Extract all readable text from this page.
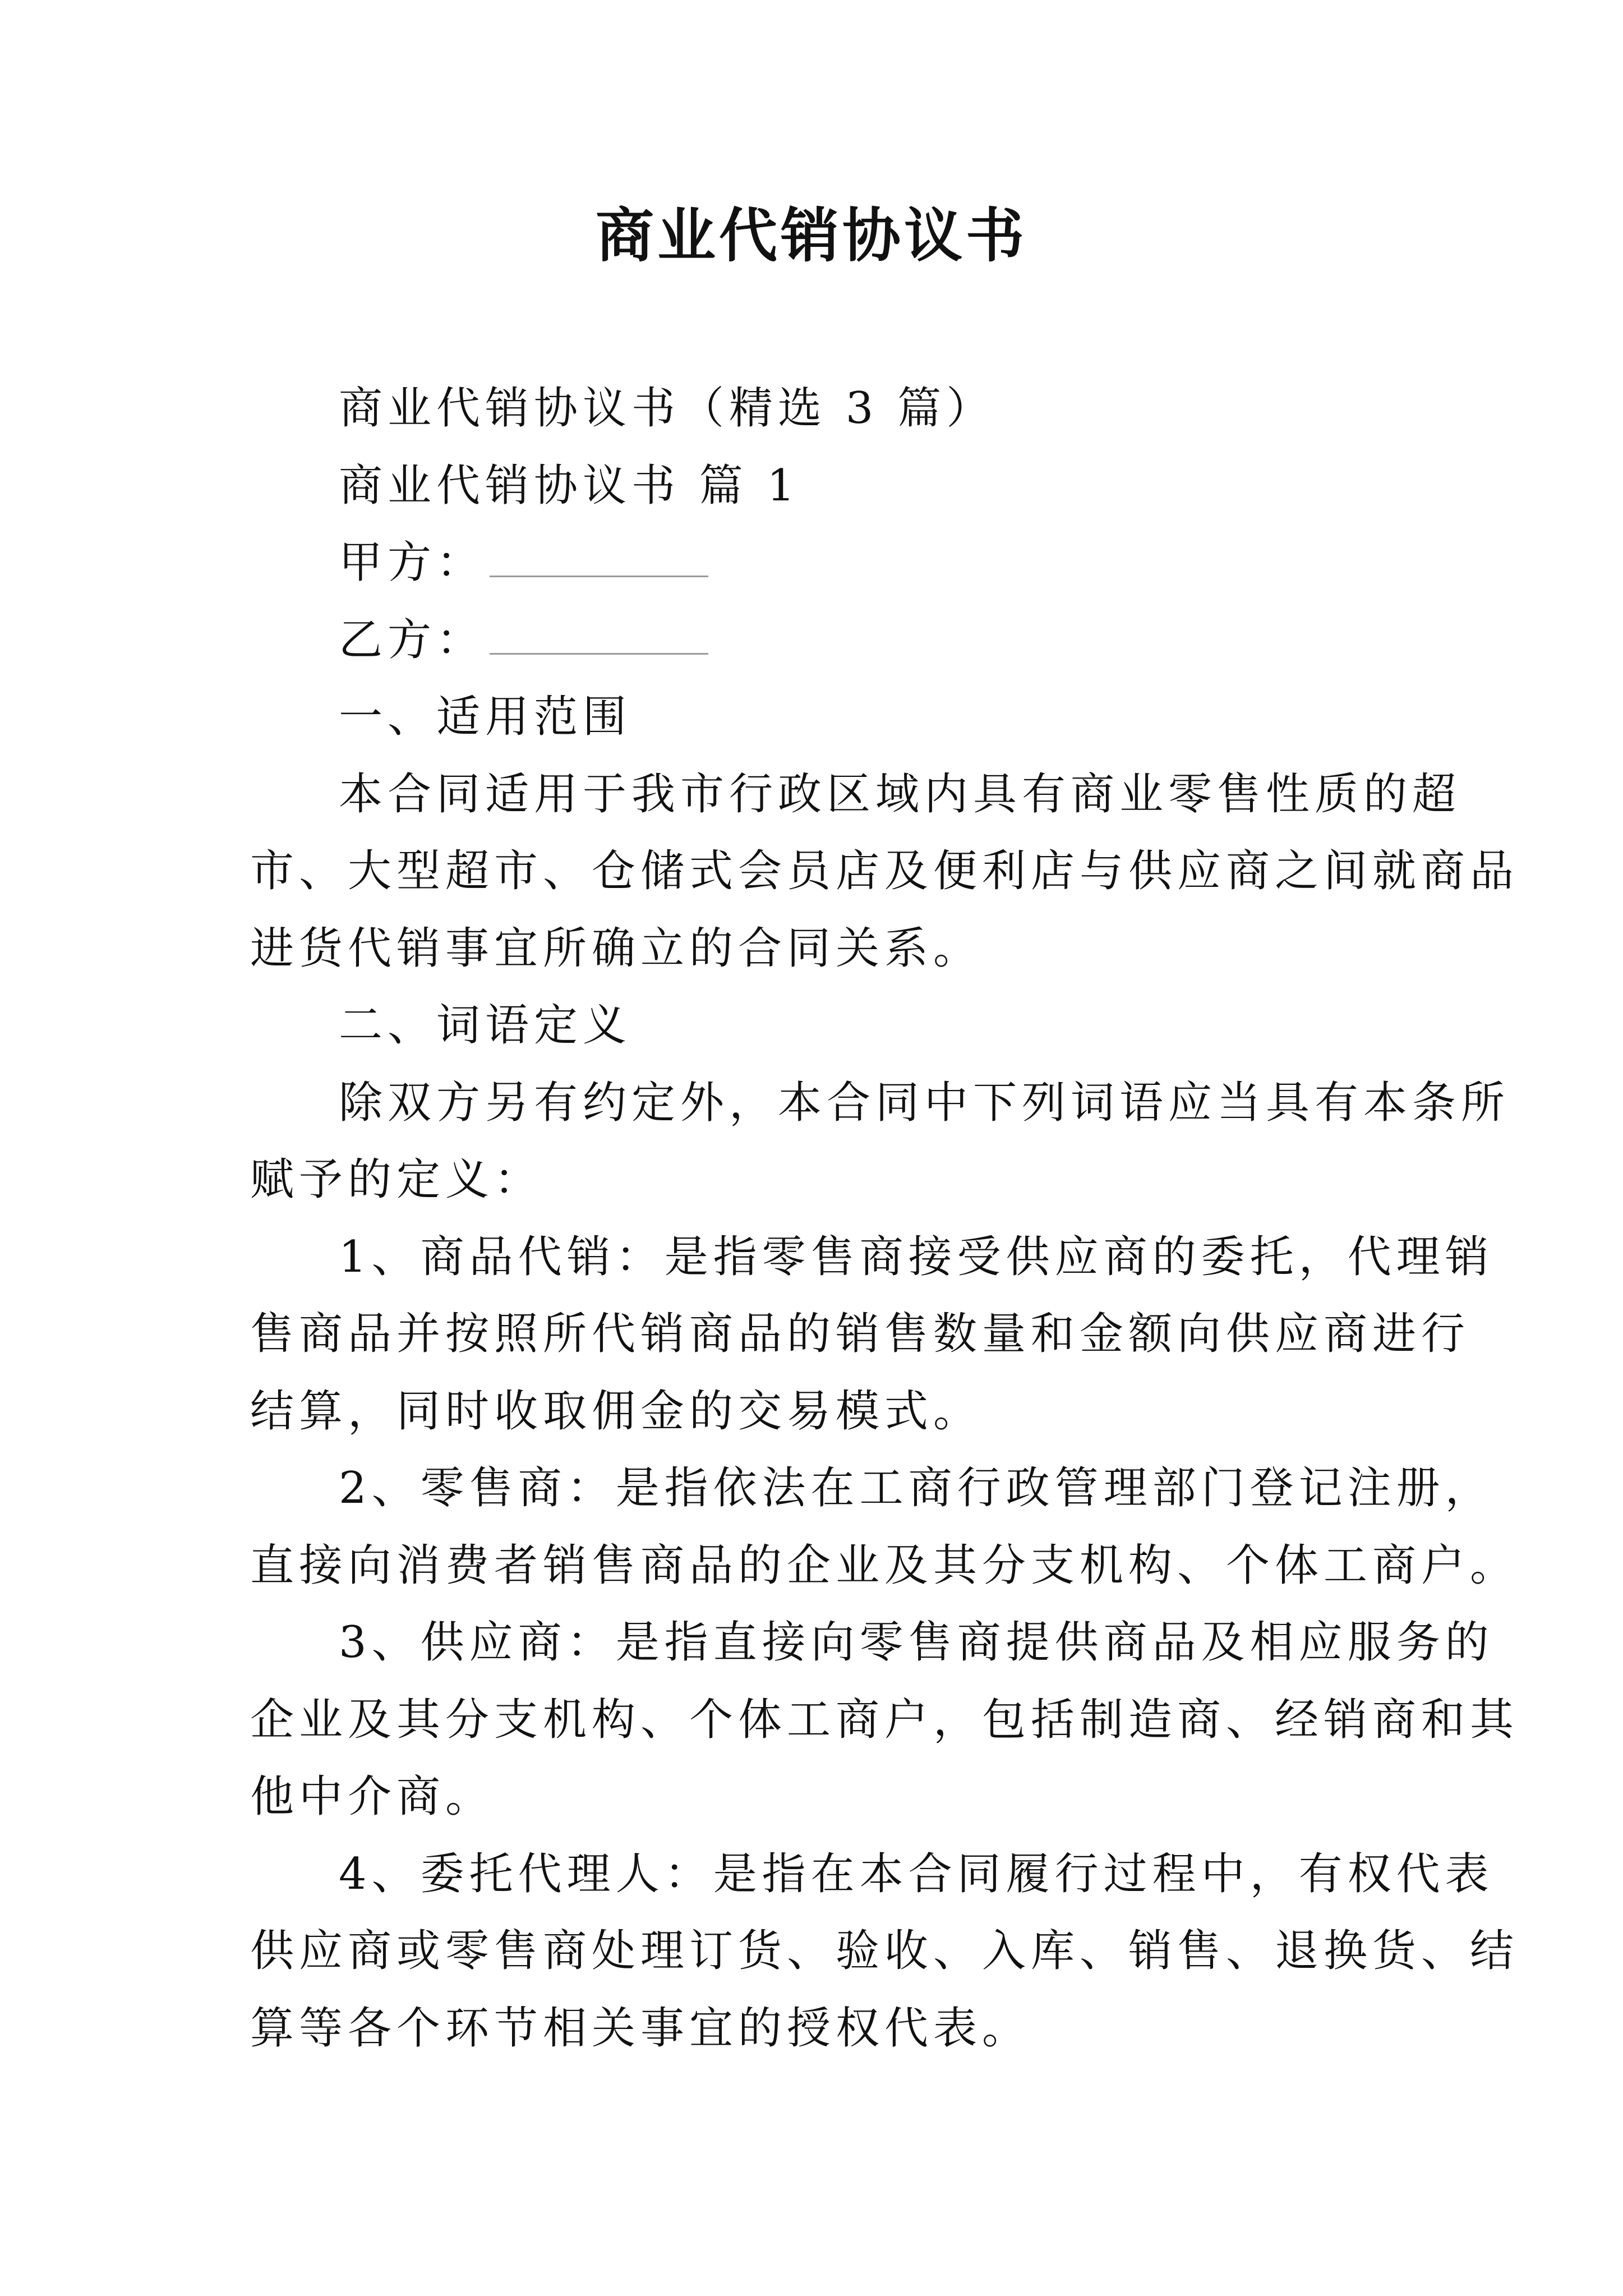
商业代销协议书

商业代销协议书（精选 3 篇）

商业代销协议书 篇 1

甲方：

乙方：

一、适用范围

本合同适用于我市行政区域内具有商业零售性质的超

市、大型超市、仓储式会员店及便利店与供应商之间就商品

进货代销事宜所确立的合同关系。

二、词语定义

除双方另有约定外，本合同中下列词语应当具有本条所

赋予的定义：

1、商品代销：是指零售商接受供应商的委托，代理销

售商品并按照所代销商品的销售数量和金额向供应商进行

结算，同时收取佣金的交易模式。

2、零售商：是指依法在工商行政管理部门登记注册，

直接向消费者销售商品的企业及其分支机构、个体工商户。

3、供应商：是指直接向零售商提供商品及相应服务的

企业及其分支机构、个体工商户，包括制造商、经销商和其

他中介商。

4、委托代理人：是指在本合同履行过程中，有权代表

供应商或零售商处理订货、验收、入库、销售、退换货、结

算等各个环节相关事宜的授权代表。
